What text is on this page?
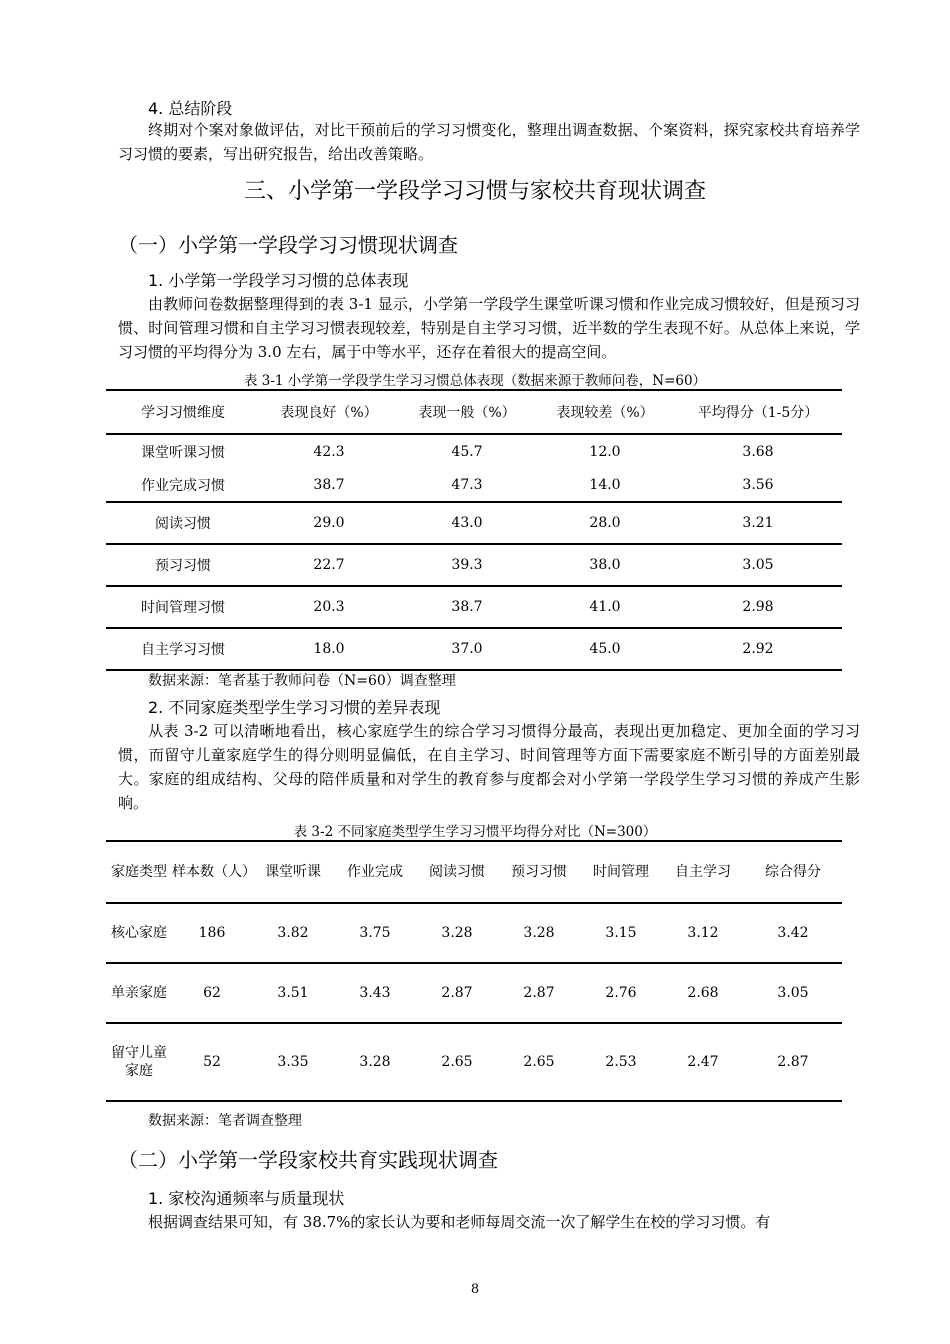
4. 总结阶段

终期对个案对象做评估，对比干预前后的学习习惯变化，整理出调查数据、个案资料，探究家校共育培养学习习惯的要素，写出研究报告，给出改善策略。

三、小学第一学段学习习惯与家校共育现状调查
（一）小学第一学段学习习惯现状调查
1. 小学第一学段学习习惯的总体表现

由教师问卷数据整理得到的表 3-1 显示，小学第一学段学生课堂听课习惯和作业完成习惯较好，但是预习习惯、时间管理习惯和自主学习习惯表现较差，特别是自主学习习惯，近半数的学生表现不好。从总体上来说，学习习惯的平均得分为 3.0 左右，属于中等水平，还存在着很大的提高空间。

表 3-1 小学第一学段学生学习习惯总体表现（数据来源于教师问卷，N=60）
学习习惯维度	表现良好（%）	表现一般（%）	表现较差（%）	平均得分（1-5分）
课堂听课习惯	42.3	45.7	12.0	3.68
作业完成习惯	38.7	47.3	14.0	3.56
阅读习惯	29.0	43.0	28.0	3.21
预习习惯	22.7	39.3	38.0	3.05
时间管理习惯	20.3	38.7	41.0	2.98
自主学习习惯	18.0	37.0	45.0	2.92
数据来源：笔者基于教师问卷（N=60）调查整理
2. 不同家庭类型学生学习习惯的差异表现

从表 3-2 可以清晰地看出，核心家庭学生的综合学习习惯得分最高，表现出更加稳定、更加全面的学习习惯，而留守儿童家庭学生的得分则明显偏低，在自主学习、时间管理等方面下需要家庭不断引导的方面差别最大。家庭的组成结构、父母的陪伴质量和对学生的教育参与度都会对小学第一学段学生学习习惯的养成产生影响。

表 3-2 不同家庭类型学生学习习惯平均得分对比（N=300）
家庭类型	样本数（人）	课堂听课	作业完成	阅读习惯	预习习惯	时间管理	自主学习	综合得分
核心家庭	186	3.82	3.75	3.28	3.28	3.15	3.12	3.42
单亲家庭	62	3.51	3.43	2.87	2.87	2.76	2.68	3.05
留守儿童家庭	52	3.35	3.28	2.65	2.65	2.53	2.47	2.87
数据来源：笔者调查整理
（二）小学第一学段家校共育实践现状调查
1. 家校沟通频率与质量现状

根据调查结果可知，有 38.7%的家长认为要和老师每周交流一次了解学生在校的学习习惯。有

8
